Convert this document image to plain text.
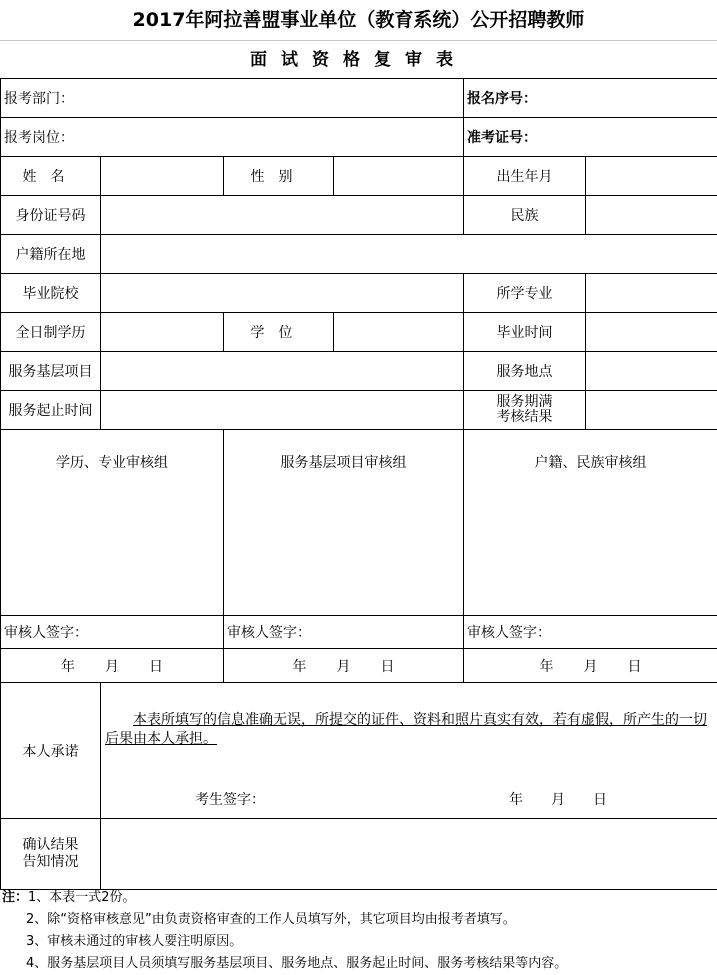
2017年阿拉善盟事业单位（教育系统）公开招聘教师
面试资格复审表
报考部门：				报名序号：	
报考岗位：				准考证号：	
姓名		性别		出生年月	
身份证号码				民族	
户籍所在地					
毕业院校				所学专业	
全日制学历		学位		毕业时间	
服务基层项目				服务地点	
服务起止时间				服务期满考核结果	

学历、专业审核组		服务基层项目审核组		户籍、民族审核组	
审核人签字：		审核人签字：		审核人签字：	
年 月 日		年 月 日		年 月 日	
本人承诺	本表所填写的信息准确无误，所提交的证件、资料和照片真实有效，若有虚假，所产生的一切后果由本人承担。
考生签字： 年 月 日				

确认结果告知情况					

注：1、本表一式2份。
2、除“资格审核意见”由负责资格审查的工作人员填写外，其它项目均由报考者填写。
3、审核未通过的审核人要注明原因。
4、服务基层项目人员须填写服务基层项目、服务地点、服务起止时间、服务考核结果等内容。
